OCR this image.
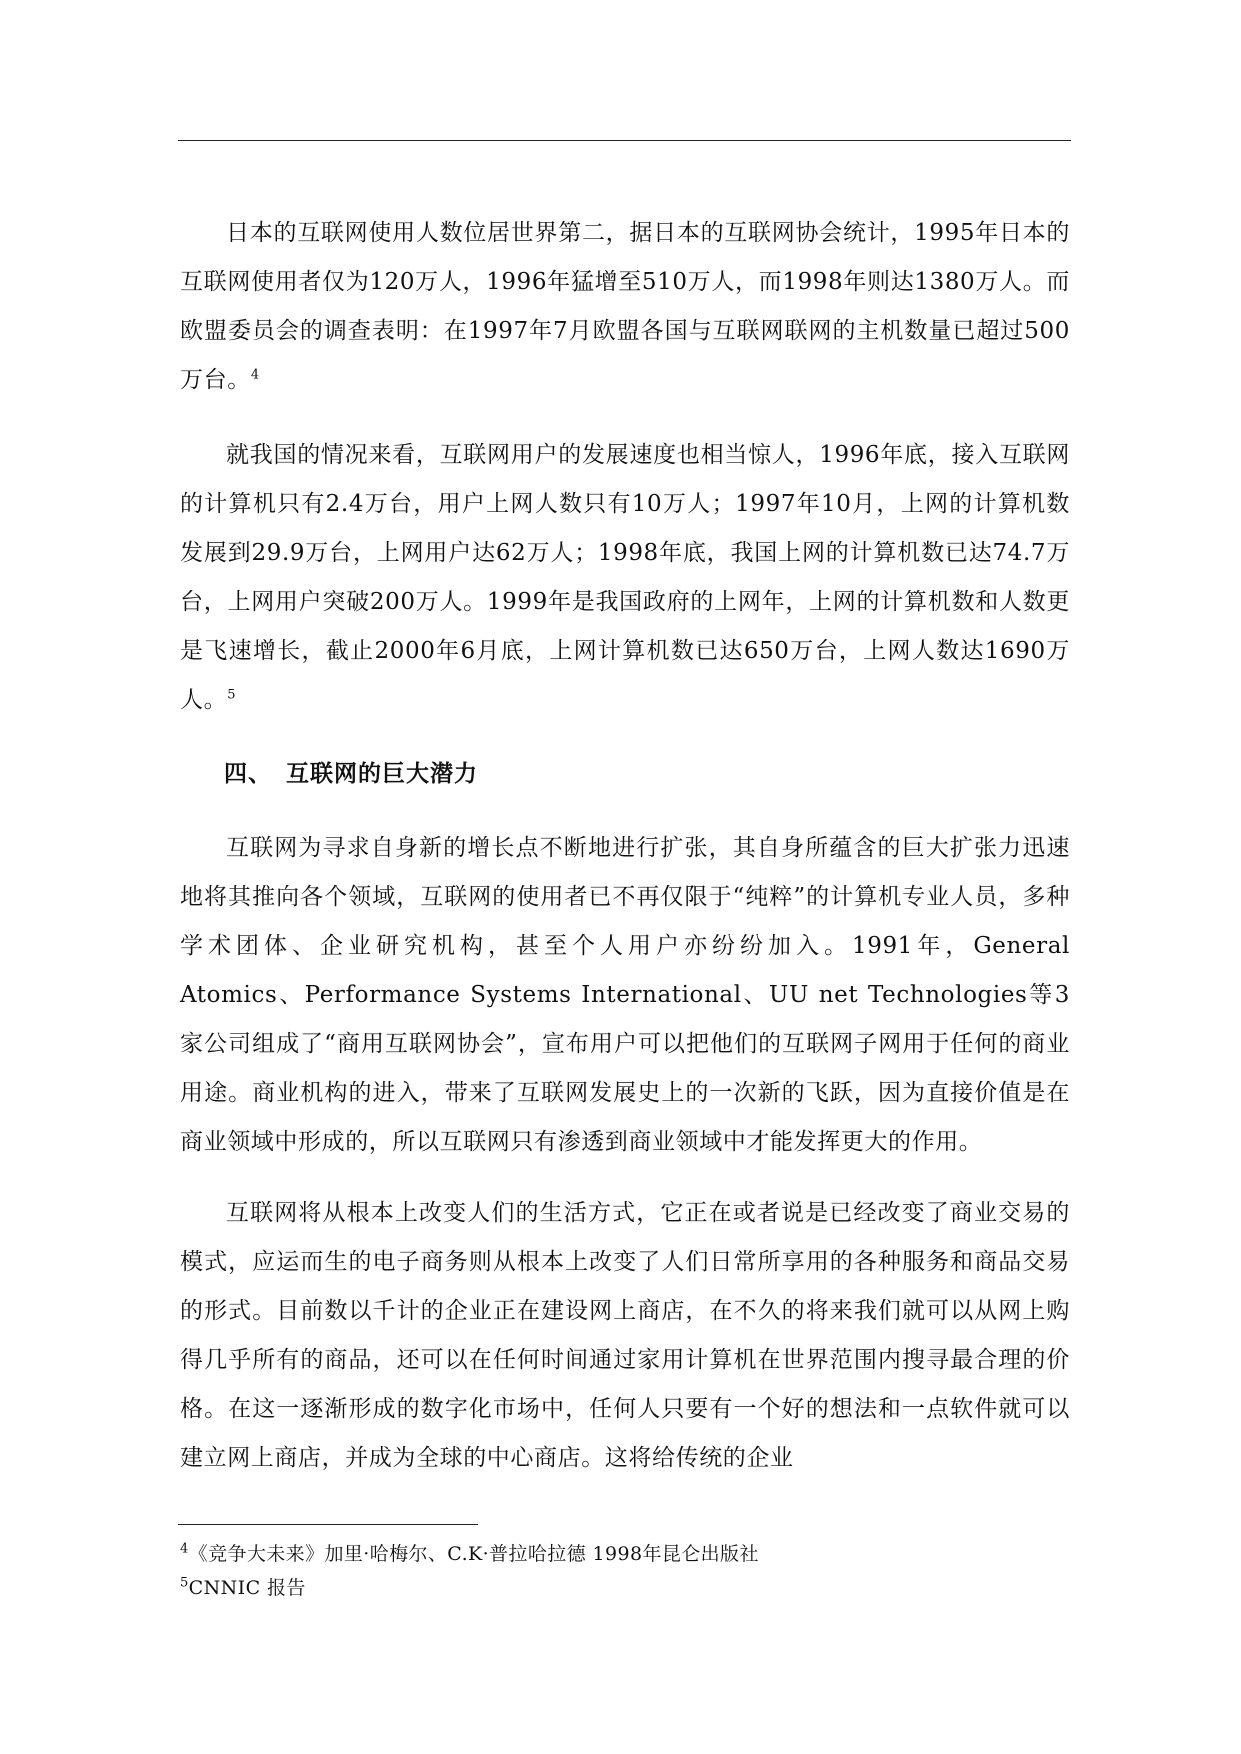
日本的互联网使用人数位居世界第二，据日本的互联网协会统计，1995年日本的互联网使用者仅为120万人，1996年猛增至510万人，而1998年则达1380万人。而欧盟委员会的调查表明：在1997年7月欧盟各国与互联网联网的主机数量已超过500万台。$^4$

就我国的情况来看，互联网用户的发展速度也相当惊人，1996年底，接入互联网的计算机只有2.4万台，用户上网人数只有10万人；1997年10月，上网的计算机数发展到29.9万台，上网用户达62万人；1998年底，我国上网的计算机数已达74.7万台，上网用户突破200万人。1999年是我国政府的上网年，上网的计算机数和人数更是飞速增长，截止2000年6月底，上网计算机数已达650万台，上网人数达1690万人。$^5$

四、 互联网的巨大潜力

互联网为寻求自身新的增长点不断地进行扩张，其自身所蕴含的巨大扩张力迅速地将其推向各个领域，互联网的使用者已不再仅限于“纯粹”的计算机专业人员，多种学术团体、企业研究机构，甚至个人用户亦纷纷加入。1991年，General Atomics、Performance Systems International、UU net Technologies等3家公司组成了“商用互联网协会”，宣布用户可以把他们的互联网子网用于任何的商业用途。商业机构的进入，带来了互联网发展史上的一次新的飞跃，因为直接价值是在商业领域中形成的，所以互联网只有渗透到商业领域中才能发挥更大的作用。

互联网将从根本上改变人们的生活方式，它正在或者说是已经改变了商业交易的模式，应运而生的电子商务则从根本上改变了人们日常所享用的各种服务和商品交易的形式。目前数以千计的企业正在建设网上商店，在不久的将来我们就可以从网上购得几乎所有的商品，还可以在任何时间通过家用计算机在世界范围内搜寻最合理的价格。在这一逐渐形成的数字化市场中，任何人只要有一个好的想法和一点软件就可以建立网上商店，并成为全球的中心商店。这将给传统的企业

$^4$《竞争大未来》加里·哈梅尔、C.K·普拉哈拉德 1998年昆仑出版社
$^5$CNNIC 报告
